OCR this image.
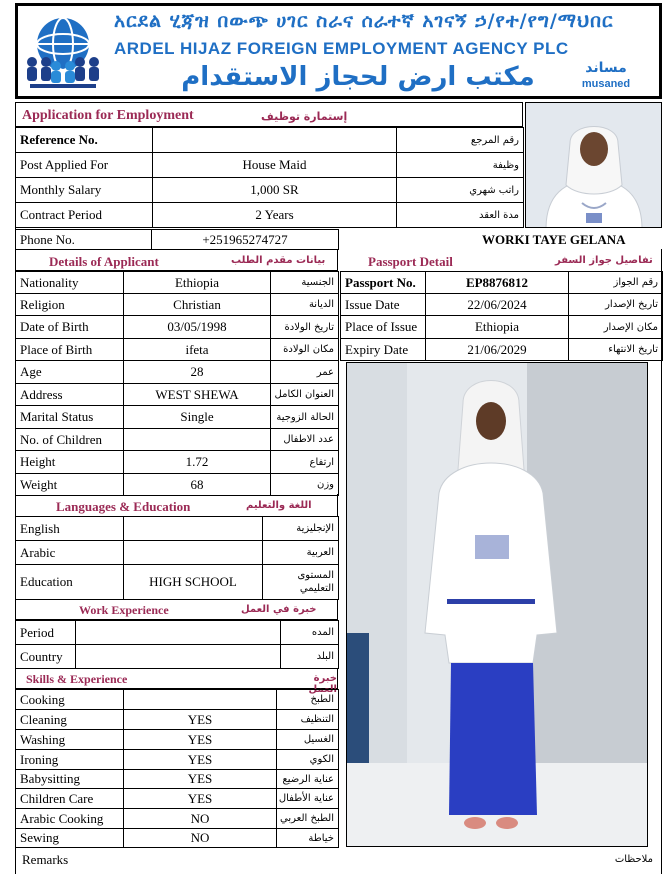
አርደል ሂጃዝ በውጭ ሀገር ስራና ሰራተኛ አገናኝ ኃ/የተ/የግ/ማህበር
ARDEL HIJAZ FOREIGN EMPLOYMENT AGENCY PLC
مكتب ارض لحجاز الاستقدام	مساند
musaned
Application for Employment	إستمارة توظيف
Reference No.		رقم المرجع
Post Applied For	House Maid	وظيفة
Monthly Salary	1,000 SR	راتب شهري
Contract Period	2 Years	مدة العقد
Phone No.	+251965274727	WORKI TAYE GELANA
Details of Applicant	بيانات مقدم الطلب
Nationality	Ethiopia	الجنسية
Religion	Christian	الديانة
Date of Birth	03/05/1998	تاريخ الولادة
Place of Birth	ifeta	مكان الولادة
Age	28	عمر
Address	WEST SHEWA	العنوان الكامل
Marital Status	Single	الحالة الزوجية
No. of Children		عدد الاطفال
Height	1.72	ارتفاع
Weight	68	وزن
Passport Detail	تفاصيل جواز السفر
Passport No.	EP8876812	رقم الجواز
Issue Date	22/06/2024	تاريخ الإصدار
Place of Issue	Ethiopia	مكان الإصدار
Expiry Date	21/06/2029	تاريخ الانتهاء
Languages & Education	اللغة والتعليم
English		الإنجليزية
Arabic		العربية
Education	HIGH SCHOOL	المستوى التعليمي
Work Experience	خبرة في العمل
Period		المده
Country		البلد
Skills & Experience	خبرة العمل
Cooking		الطبخ
Cleaning	YES	التنظيف
Washing	YES	الغسيل
Ironing	YES	الكوي
Babysitting	YES	عناية الرضيع
Children Care	YES	عناية الأطفال
Arabic Cooking	NO	الطبخ العربي
Sewing	NO	خياطة
Remarks	ملاحظات
